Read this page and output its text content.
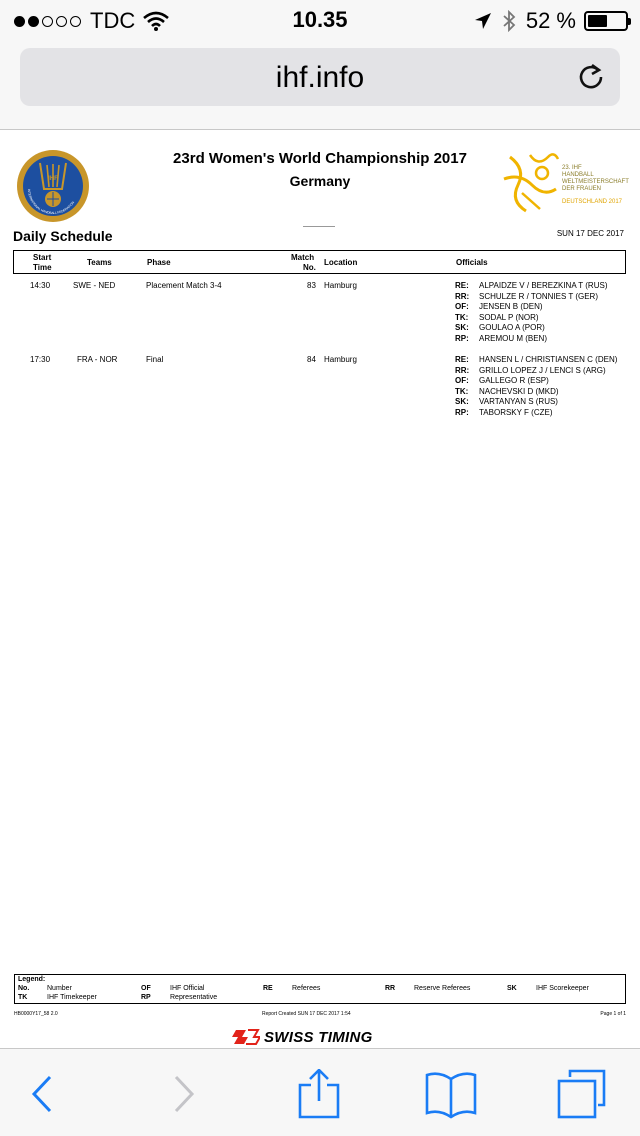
TDC	10.35	52 %
ihf.info
IHF
INTERNATIONAL HANDBALL FEDERATION
23rd Women's World Championship 2017
Germany
23. IHF
HANDBALL
WELTMEISTERSCHAFT
DER FRAUEN
DEUTSCHLAND 2017
Daily Schedule	SUN 17 DEC 2017
Start
Time
Teams	Phase
Match
No.
Location	Officials
14:30	SWE - NED	Placement Match 3-4	83 Hamburg	RE: ALPAIDZE V / BEREZKINA T (RUS)
RR: SCHULZE R / TONNIES T (GER)
OF: JENSEN B (DEN)
TK: SODAL P (NOR)
SK: GOULAO A (POR)
RP: AREMOU M (BEN)
17:30	FRA - NOR	Final	84 Hamburg	RE: HANSEN L / CHRISTIANSEN C (DEN)
RR: GRILLO LOPEZ J / LENCI S (ARG)
OF: GALLEGO R (ESP)
TK: NACHEVSKI D (MKD)
SK: VARTANYAN S (RUS)
RP: TABORSKY F (CZE)
Legend:
No.	Number
TK	IHF Timekeeper
OF	IHF Official
RP	Representative
RE	Referees	RR	Reserve Referees	SK	IHF Scorekeeper
HB0000Y17_58 2.0	Report Created SUN 17 DEC 2017 1:54	Page 1 of 1
SWISS TIMING
